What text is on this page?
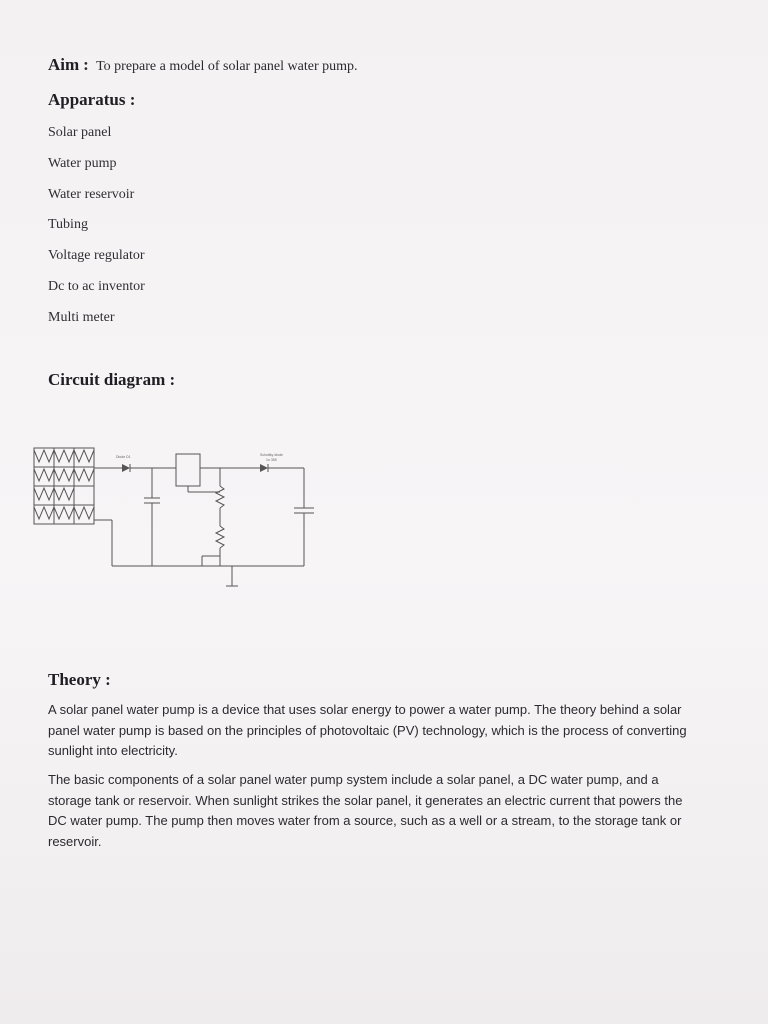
Aim : To prepare a model of solar panel water pump.
Apparatus :
Solar panel
Water pump
Water reservoir
Tubing
Voltage regulator
Dc to ac inventor
Multi meter
Circuit diagram :
Diode D1	Schottky diode
1n 355
Theory :

A solar panel water pump is a device that uses solar energy to power a water pump. The theory behind a solar panel water pump is based on the principles of photovoltaic (PV) technology, which is the process of converting sunlight into electricity.

The basic components of a solar panel water pump system include a solar panel, a DC water pump, and a storage tank or reservoir. When sunlight strikes the solar panel, it generates an electric current that powers the DC water pump. The pump then moves water from a source, such as a well or a stream, to the storage tank or reservoir.
